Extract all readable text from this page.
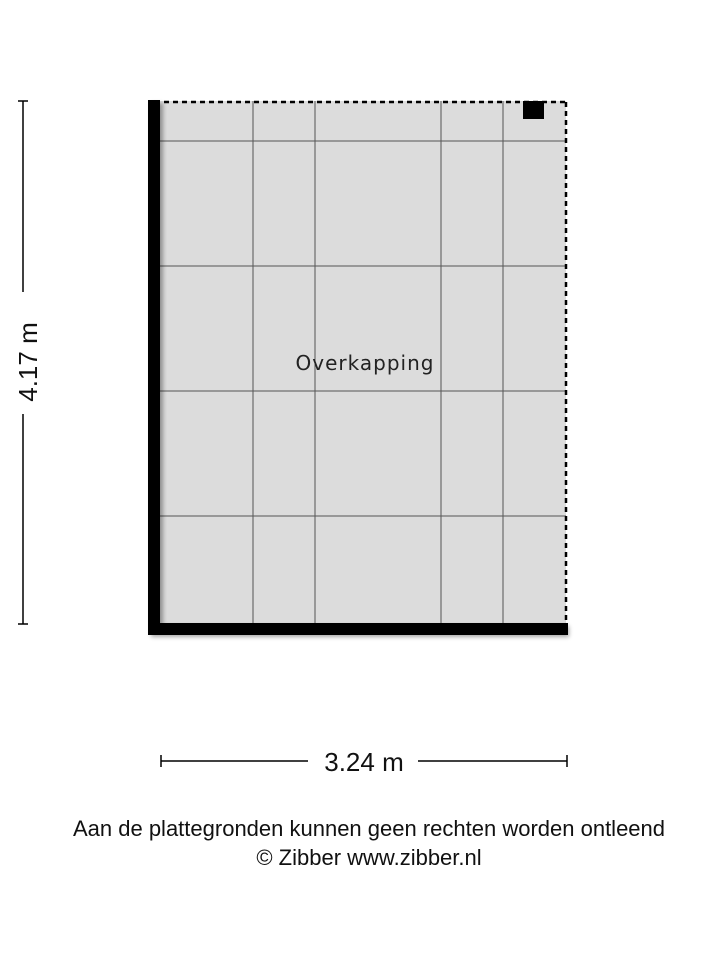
Overkapping
4.17 m
3.24 m
Aan de plattegronden kunnen geen rechten worden ontleend
© Zibber www.zibber.nl
